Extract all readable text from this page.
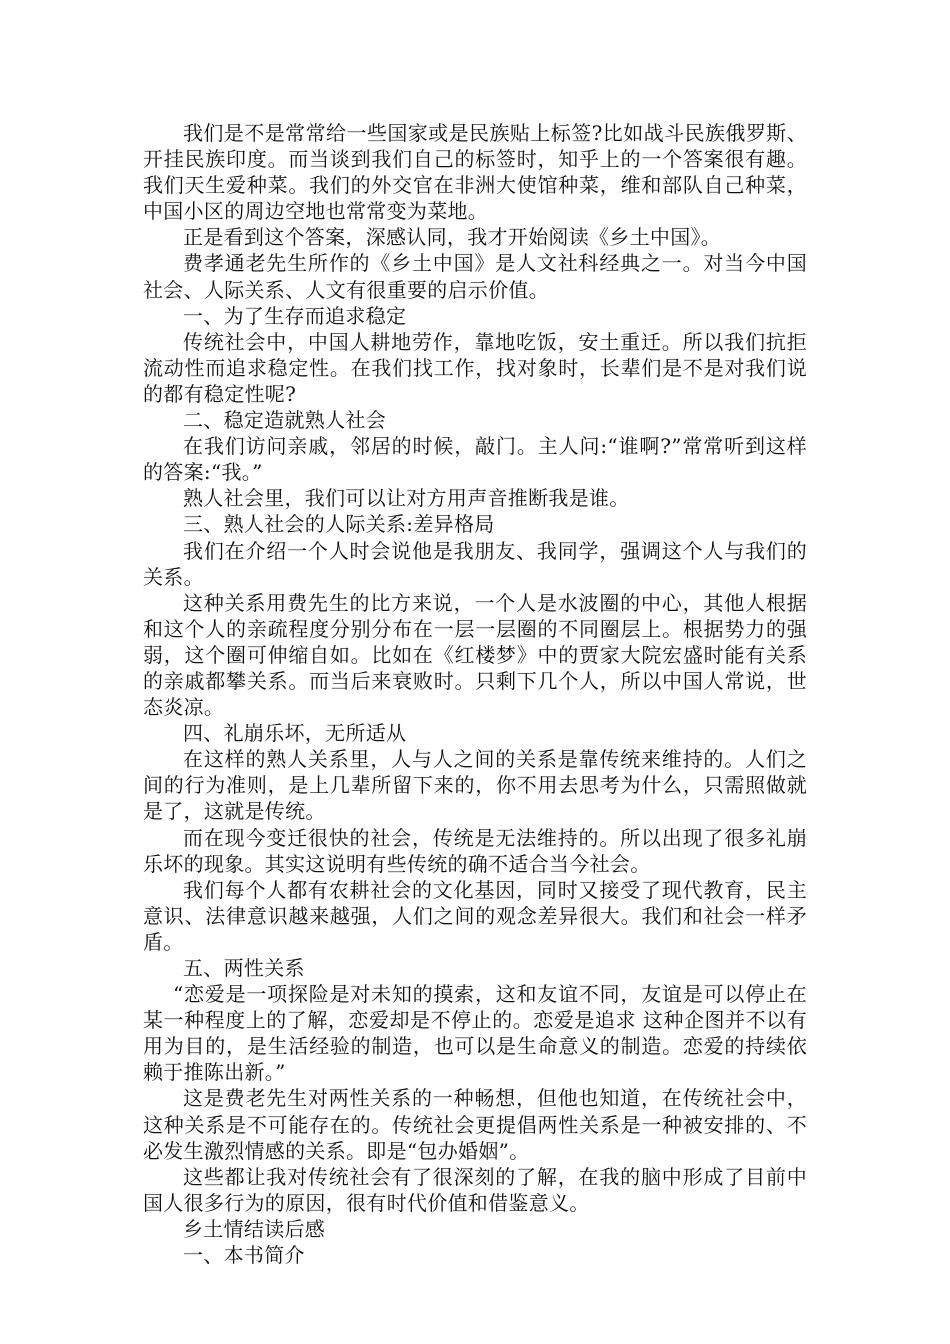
我们是不是常常给一些国家或是民族贴上标签?比如战斗民族俄罗斯、开挂民族印度。而当谈到我们自己的标签时，知乎上的一个答案很有趣。我们天生爱种菜。我们的外交官在非洲大使馆种菜，维和部队自己种菜，中国小区的周边空地也常常变为菜地。

正是看到这个答案，深感认同，我才开始阅读《乡土中国》。

费孝通老先生所作的《乡土中国》是人文社科经典之一。对当今中国社会、人际关系、人文有很重要的启示价值。

一、为了生存而追求稳定

传统社会中，中国人耕地劳作，靠地吃饭，安土重迁。所以我们抗拒流动性而追求稳定性。在我们找工作，找对象时，长辈们是不是对我们说的都有稳定性呢?

二、稳定造就熟人社会

在我们访问亲戚，邻居的时候，敲门。主人问:“谁啊?”常常听到这样的答案:“我。”

熟人社会里，我们可以让对方用声音推断我是谁。

三、熟人社会的人际关系:差异格局

我们在介绍一个人时会说他是我朋友、我同学，强调这个人与我们的关系。

这种关系用费先生的比方来说，一个人是水波圈的中心，其他人根据和这个人的亲疏程度分别分布在一层一层圈的不同圈层上。根据势力的强弱，这个圈可伸缩自如。比如在《红楼梦》中的贾家大院宏盛时能有关系的亲戚都攀关系。而当后来衰败时。只剩下几个人，所以中国人常说，世态炎凉。

四、礼崩乐坏，无所适从

在这样的熟人关系里，人与人之间的关系是靠传统来维持的。人们之间的行为准则，是上几辈所留下来的，你不用去思考为什么，只需照做就是了，这就是传统。

而在现今变迁很快的社会，传统是无法维持的。所以出现了很多礼崩乐坏的现象。其实这说明有些传统的确不适合当今社会。

我们每个人都有农耕社会的文化基因，同时又接受了现代教育，民主意识、法律意识越来越强，人们之间的观念差异很大。我们和社会一样矛盾。

五、两性关系

“恋爱是一项探险是对未知的摸索，这和友谊不同，友谊是可以停止在某一种程度上的了解，恋爱却是不停止的。恋爱是追求 这种企图并不以有用为目的，是生活经验的制造，也可以是生命意义的制造。恋爱的持续依赖于推陈出新。”

这是费老先生对两性关系的一种畅想，但他也知道，在传统社会中，这种关系是不可能存在的。传统社会更提倡两性关系是一种被安排的、不必发生激烈情感的关系。即是“包办婚姻”。

这些都让我对传统社会有了很深刻的了解，在我的脑中形成了目前中国人很多行为的原因，很有时代价值和借鉴意义。

乡土情结读后感

一、本书简介
